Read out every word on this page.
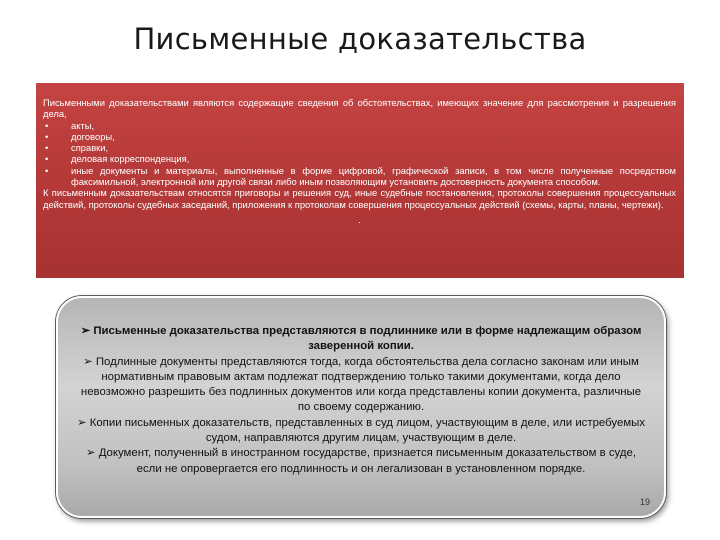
Письменные доказательства

Письменными доказательствами являются содержащие сведения об обстоятельствах, имеющих значение для рассмотрения и разрешения дела,

• акты,
• договоры,
• справки,
• деловая корреспонденция,
• иные документы и материалы, выполненные в форме цифровой, графической записи, в том числе полученные посредством факсимильной, электронной или другой связи либо иным позволяющим установить достоверность документа способом.

К письменным доказательствам относятся приговоры и решения суд, иные судебные постановления, протоколы совершения процессуальных действий, протоколы судебных заседаний, приложения к протоколам совершения процессуальных действий (схемы, карты, планы, чертежи).

.

➢ Письменные доказательства представляются в подлиннике или в форме надлежащим образом заверенной копии.

➢ Подлинные документы представляются тогда, когда обстоятельства дела согласно законам или иным нормативным правовым актам подлежат подтверждению только такими документами, когда дело невозможно разрешить без подлинных документов или когда представлены копии документа, различные по своему содержанию.

➢ Копии письменных доказательств, представленных в суд лицом, участвующим в деле, или истребуемых судом, направляются другим лицам, участвующим в деле.

➢ Документ, полученный в иностранном государстве, признается письменным доказательством в суде, если не опровергается его подлинность и он легализован в установленном порядке.

19
